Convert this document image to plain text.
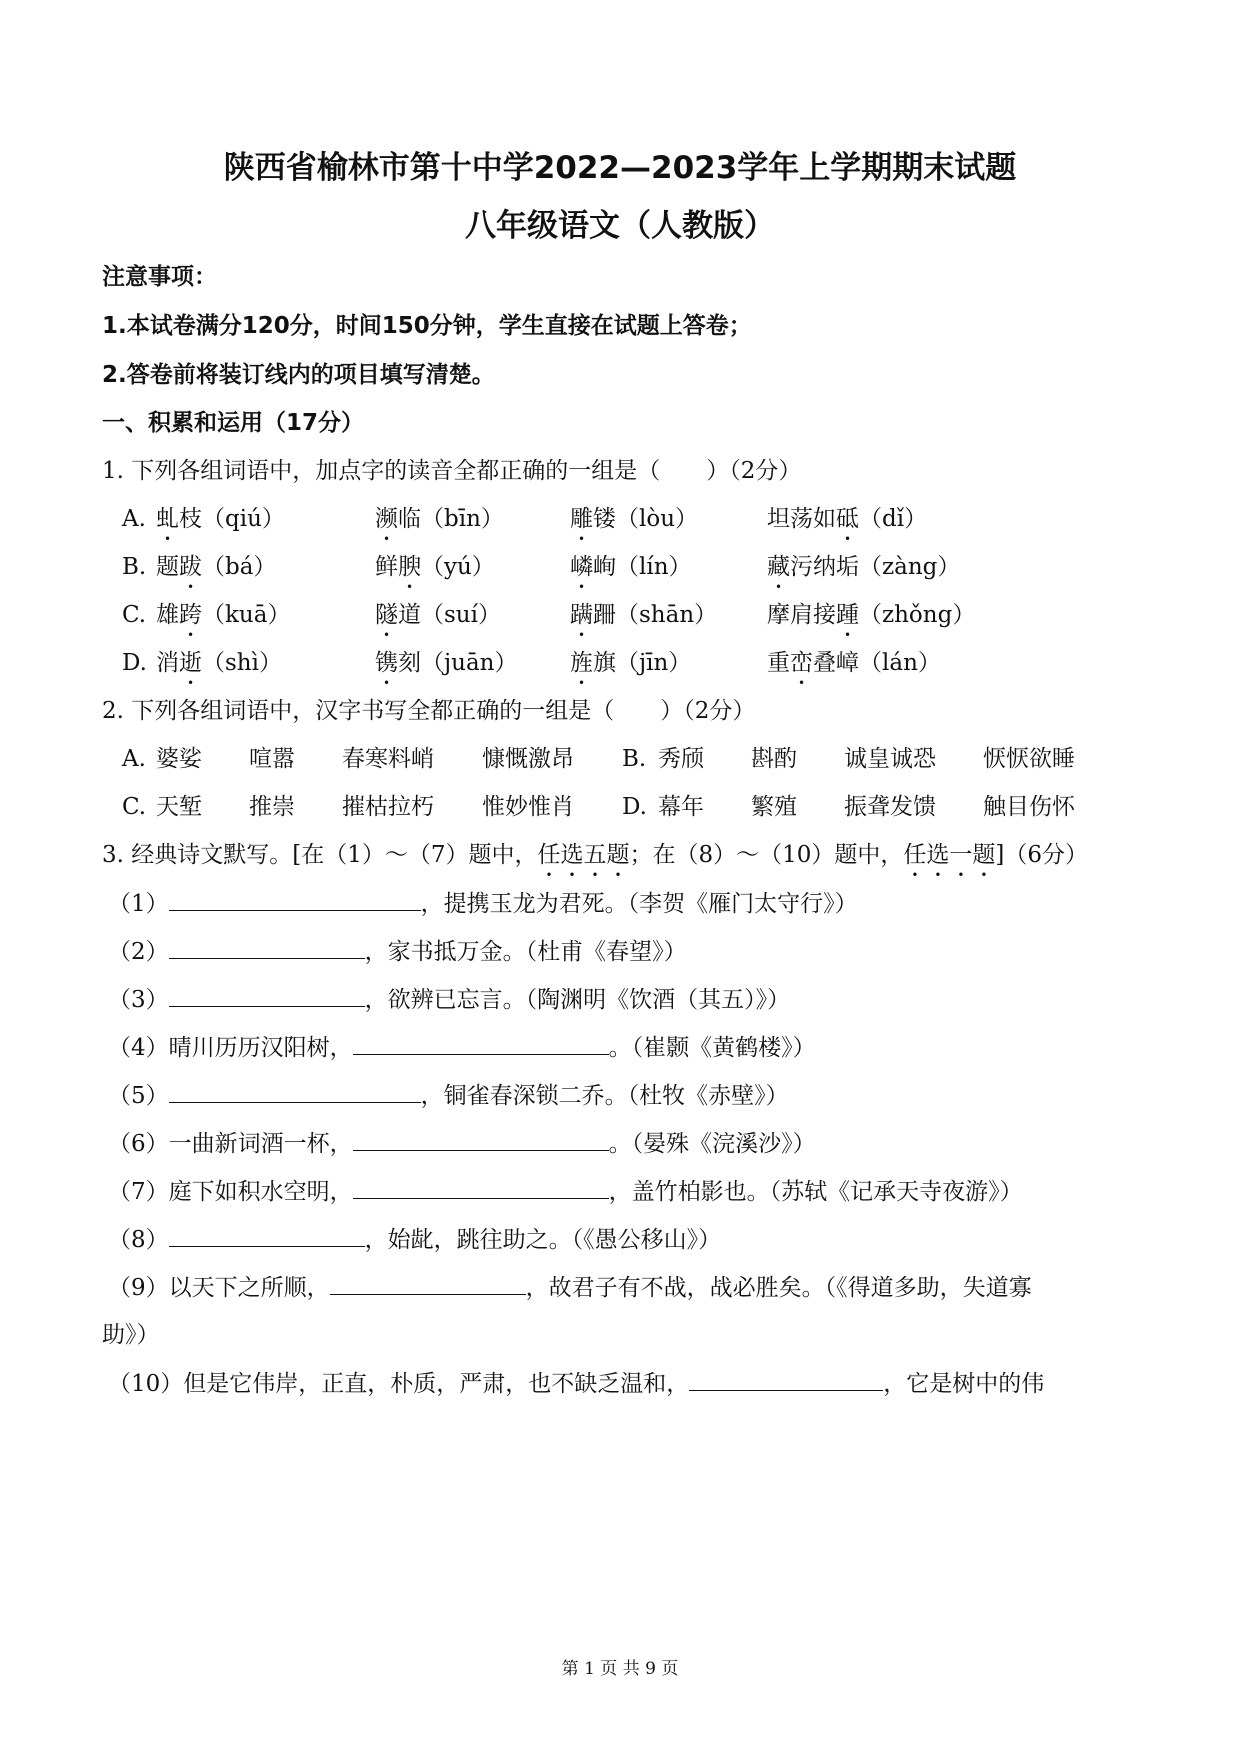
陕西省榆林市第十中学2022—2023学年上学期期末试题
八年级语文（人教版）
注意事项：
1.本试卷满分120分，时间150分钟，学生直接在试题上答卷；
2.答卷前将装订线内的项目填写清楚。
一、积累和运用（17分）
1. 下列各组词语中，加点字的读音全都正确的一组是（　　）（2分）
A. 虬枝（qiú）	濒临（bīn）	雕镂（lòu）	坦荡如砥（dǐ）
B. 题跋（bá）	鲜腴（yú）	嶙峋（lín）	藏污纳垢（zàng）
C. 雄跨（kuā）	隧道（suí）	蹒跚（shān） 摩肩接踵（zhǒng）
D. 消逝（shì）	镌刻（juān） 旌旗（jīn）	重峦叠嶂（lán）
2. 下列各组词语中，汉字书写全都正确的一组是（　　）（2分）
A. 婆娑 喧嚣 春寒料峭 慷慨激昂 B. 秀颀 斟酌 诚皇诚恐 恹恹欲睡
C. 天堑 推崇 摧枯拉朽 惟妙惟肖 D. 幕年 繁殖 振聋发馈 触目伤怀
3. 经典诗文默写。[在（1）～（7）题中，任选五题；在（8）～（10）题中，任选一题]（6分）
（1）	，提携玉龙为君死。（李贺《雁门太守行》）
（2）	，家书抵万金。（杜甫《春望》）
（3）	，欲辨已忘言。（陶渊明《饮酒（其五）》）
（4）晴川历历汉阳树，	。（崔颢《黄鹤楼》）
（5）	，铜雀春深锁二乔。（杜牧《赤壁》）
（6）一曲新词酒一杯，	。（晏殊《浣溪沙》）
（7）庭下如积水空明，	，盖竹柏影也。（苏轼《记承天寺夜游》）
（8）	，始龀，跳往助之。（《愚公移山》）
（9）以天下之所顺，	，故君子有不战，战必胜矣。（《得道多助，失道寡
助》）
（10）但是它伟岸，正直，朴质，严肃，也不缺乏温和，	，它是树中的伟
第 1 页 共 9 页
